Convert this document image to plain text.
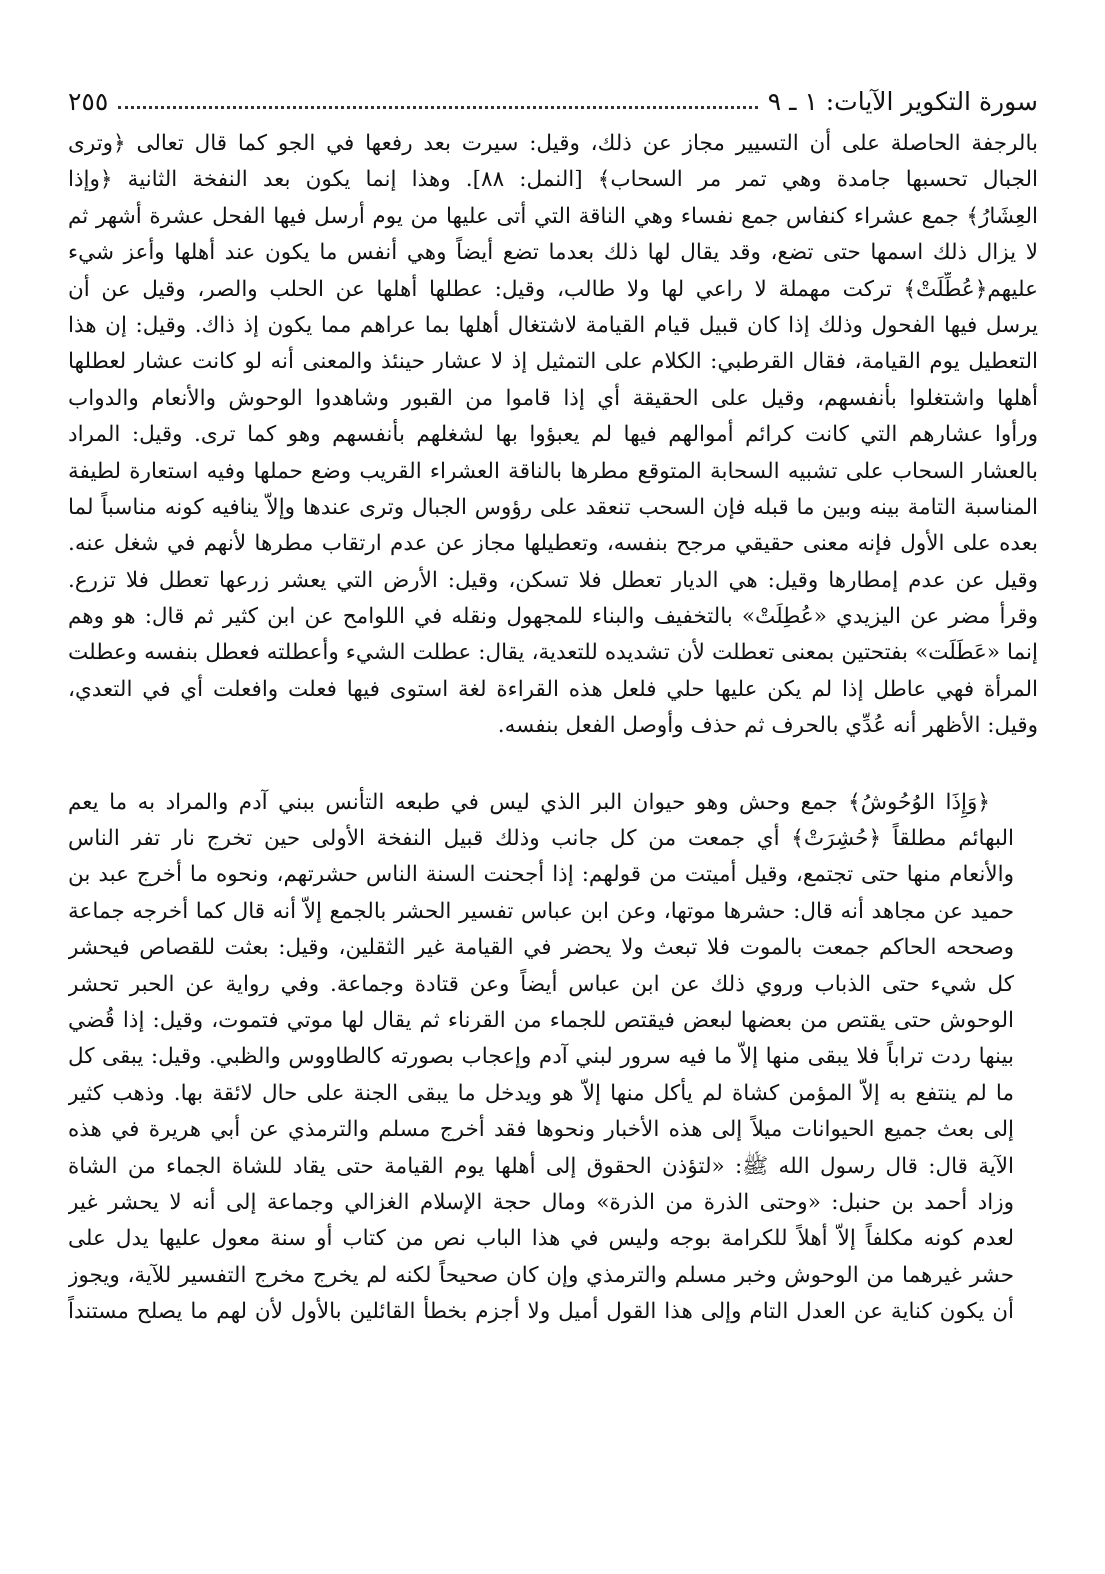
سورة التكوير الآيات: ١ ـ ٩
٢٥٥
بالرجفة الحاصلة على أن التسيير مجاز عن ذلك، وقيل: سيرت بعد رفعها في الجو كما قال تعالى ﴿وترى
الجبال تحسبها جامدة وهي تمر مر السحاب﴾ [النمل: ٨٨]. وهذا إنما يكون بعد النفخة الثانية ﴿وإذا
العِشَارُ﴾ جمع عشراء كنفاس جمع نفساء وهي الناقة التي أتى عليها من يوم أرسل فيها الفحل عشرة أشهر ثم
لا يزال ذلك اسمها حتى تضع، وقد يقال لها ذلك بعدما تضع أيضاً وهي أنفس ما يكون عند أهلها وأعز شيء
عليهم﴿عُطِّلَتْ﴾ تركت مهملة لا راعي لها ولا طالب، وقيل: عطلها أهلها عن الحلب والصر، وقيل عن أن
يرسل فيها الفحول وذلك إذا كان قبيل قيام القيامة لاشتغال أهلها بما عراهم مما يكون إذ ذاك. وقيل: إن هذا
التعطيل يوم القيامة، فقال القرطبي: الكلام على التمثيل إذ لا عشار حينئذ والمعنى أنه لو كانت عشار لعطلها
أهلها واشتغلوا بأنفسهم، وقيل على الحقيقة أي إذا قاموا من القبور وشاهدوا الوحوش والأنعام والدواب
ورأوا عشارهم التي كانت كرائم أموالهم فيها لم يعبؤوا بها لشغلهم بأنفسهم وهو كما ترى. وقيل: المراد
بالعشار السحاب على تشبيه السحابة المتوقع مطرها بالناقة العشراء القريب وضع حملها وفيه استعارة لطيفة
المناسبة التامة بينه وبين ما قبله فإن السحب تنعقد على رؤوس الجبال وترى عندها وإلاّ ينافيه كونه مناسباً لما
بعده على الأول فإنه معنى حقيقي مرجح بنفسه، وتعطيلها مجاز عن عدم ارتقاب مطرها لأنهم في شغل عنه.
وقيل عن عدم إمطارها وقيل: هي الديار تعطل فلا تسكن، وقيل: الأرض التي يعشر زرعها تعطل فلا تزرع.
وقرأ مضر عن اليزيدي «عُطِلَتْ» بالتخفيف والبناء للمجهول ونقله في اللوامح عن ابن كثير ثم قال: هو وهم
إنما «عَطَلَت» بفتحتين بمعنى تعطلت لأن تشديده للتعدية، يقال: عطلت الشيء وأعطلته فعطل بنفسه وعطلت
المرأة فهي عاطل إذا لم يكن عليها حلي فلعل هذه القراءة لغة استوى فيها فعلت وافعلت أي في التعدي،
وقيل: الأظهر أنه عُدِّي بالحرف ثم حذف وأوصل الفعل بنفسه.
﴿وَإِذَا الوُحُوشُ﴾ جمع وحش وهو حيوان البر الذي ليس في طبعه التأنس ببني آدم والمراد به ما يعم
البهائم مطلقاً ﴿حُشِرَتْ﴾ أي جمعت من كل جانب وذلك قبيل النفخة الأولى حين تخرج نار تفر الناس
والأنعام منها حتى تجتمع، وقيل أميتت من قولهم: إذا أجحنت السنة الناس حشرتهم، ونحوه ما أخرج عبد بن
حميد عن مجاهد أنه قال: حشرها موتها، وعن ابن عباس تفسير الحشر بالجمع إلاّ أنه قال كما أخرجه جماعة
وصححه الحاكم جمعت بالموت فلا تبعث ولا يحضر في القيامة غير الثقلين، وقيل: بعثت للقصاص فيحشر
كل شيء حتى الذباب وروي ذلك عن ابن عباس أيضاً وعن قتادة وجماعة. وفي رواية عن الحبر تحشر
الوحوش حتى يقتص من بعضها لبعض فيقتص للجماء من القرناء ثم يقال لها موتي فتموت، وقيل: إذا قُضي
بينها ردت تراباً فلا يبقى منها إلاّ ما فيه سرور لبني آدم وإعجاب بصورته كالطاووس والظبي. وقيل: يبقى كل
ما لم ينتفع به إلاّ المؤمن كشاة لم يأكل منها إلاّ هو ويدخل ما يبقى الجنة على حال لائقة بها. وذهب كثير
إلى بعث جميع الحيوانات ميلاً إلى هذه الأخبار ونحوها فقد أخرج مسلم والترمذي عن أبي هريرة في هذه
الآية قال: قال رسول الله ﷺ: «لتؤذن الحقوق إلى أهلها يوم القيامة حتى يقاد للشاة الجماء من الشاة
وزاد أحمد بن حنبل: «وحتى الذرة من الذرة» ومال حجة الإسلام الغزالي وجماعة إلى أنه لا يحشر غير
لعدم كونه مكلفاً إلاّ أهلاً للكرامة بوجه وليس في هذا الباب نص من كتاب أو سنة معول عليها يدل على
حشر غيرهما من الوحوش وخبر مسلم والترمذي وإن كان صحيحاً لكنه لم يخرج مخرج التفسير للآية، ويجوز
أن يكون كناية عن العدل التام وإلى هذا القول أميل ولا أجزم بخطأ القائلين بالأول لأن لهم ما يصلح مستنداً
